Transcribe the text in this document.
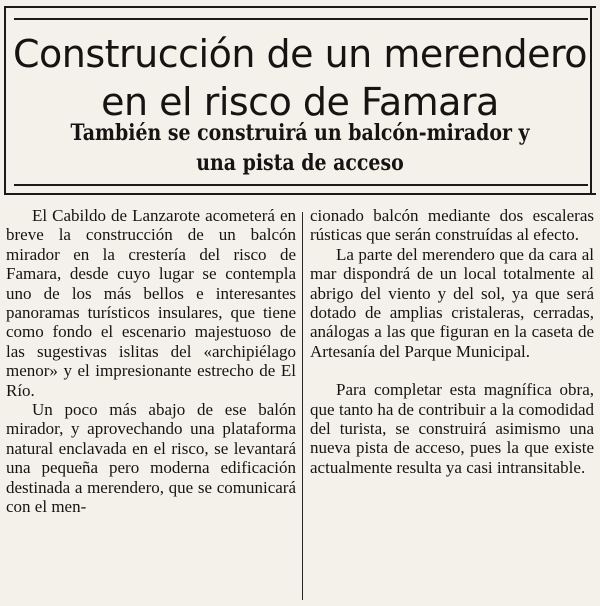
Construcción de un merendero en el risco de Famara
También se construirá un balcón-mirador y una pista de acceso

El Cabildo de Lanzarote acometerá en breve la construcción de un balcón mirador en la crestería del risco de Famara, desde cuyo lugar se contempla uno de los más bellos e interesantes panoramas turísticos insulares, que tiene como fondo el escenario majestuoso de las sugestivas islitas del «archipiélago menor» y el impresionante estrecho de El Río.

Un poco más abajo de ese balón mirador, y aprovechando una plataforma natural enclavada en el risco, se levantará una pequeña pero moderna edificación destinada a merendero, que se comunicará con el men-

cionado balcón mediante dos escaleras rústicas que serán construídas al efecto.

La parte del merendero que da cara al mar dispondrá de un local totalmente al abrigo del viento y del sol, ya que será dotado de amplias cristaleras, cerradas, análogas a las que figuran en la caseta de Artesanía del Parque Municipal.

Para completar esta magnífica obra, que tanto ha de contribuir a la comodidad del turista, se construirá asimismo una nueva pista de acceso, pues la que existe actualmente resulta ya casi intransitable.
